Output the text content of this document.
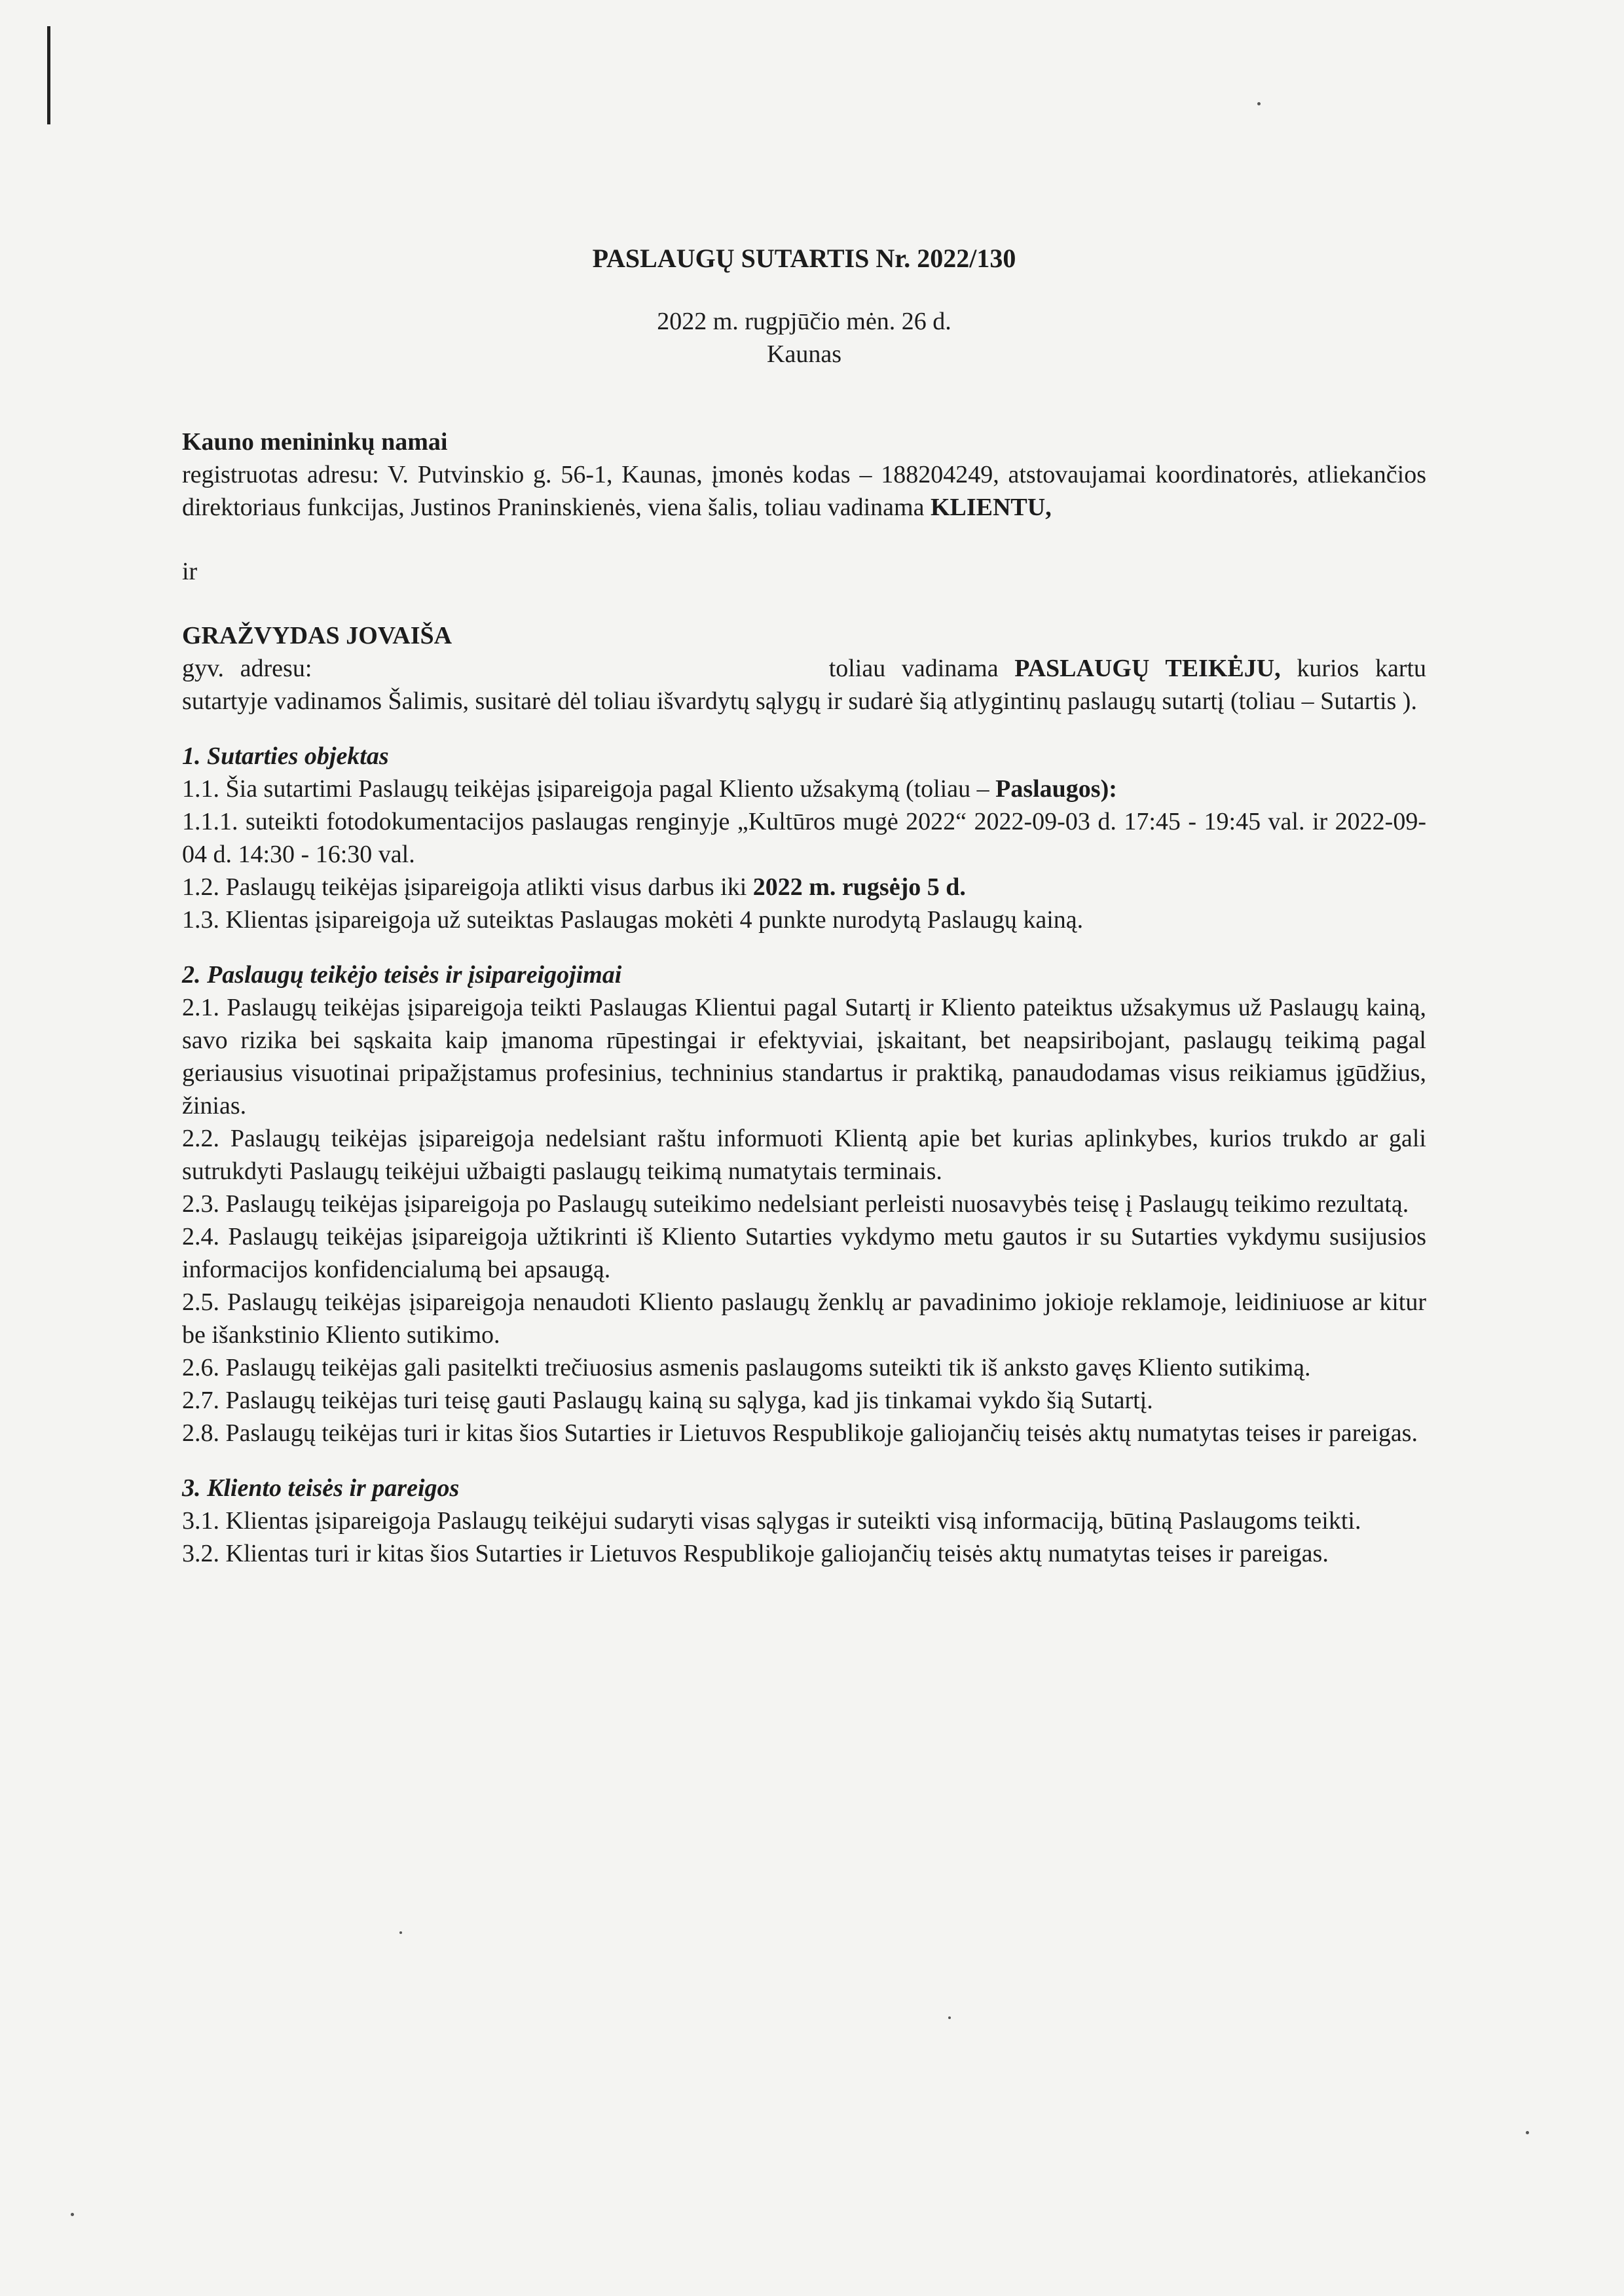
PASLAUGŲ SUTARTIS Nr. 2022/130

2022 m. rugpjūčio mėn. 26 d.

Kaunas

Kauno menininkų namai

registruotas adresu: V. Putvinskio g. 56-1, Kaunas, įmonės kodas – 188204249, atstovaujamai koordinatorės, atliekančios direktoriaus funkcijas, Justinos Praninskienės, viena šalis, toliau vadinama KLIENTU,

ir

GRAŽVYDAS JOVAIŠA

gyv. adresu:	toliau vadinama PASLAUGŲ TEIKĖJU, kurios kartu sutartyje vadinamos Šalimis, susitarė dėl toliau išvardytų sąlygų ir sudarė šią atlygintinų paslaugų sutartį (toliau – Sutartis ).

1. Sutarties objektas

1.1. Šia sutartimi Paslaugų teikėjas įsipareigoja pagal Kliento užsakymą (toliau – Paslaugos):

1.1.1. suteikti fotodokumentacijos paslaugas renginyje „Kultūros mugė 2022“ 2022-09-03 d. 17:45 - 19:45 val. ir 2022-09-04 d. 14:30 - 16:30 val.

1.2. Paslaugų teikėjas įsipareigoja atlikti visus darbus iki 2022 m. rugsėjo 5 d.

1.3. Klientas įsipareigoja už suteiktas Paslaugas mokėti 4 punkte nurodytą Paslaugų kainą.

2. Paslaugų teikėjo teisės ir įsipareigojimai

2.1. Paslaugų teikėjas įsipareigoja teikti Paslaugas Klientui pagal Sutartį ir Kliento pateiktus užsakymus už Paslaugų kainą, savo rizika bei sąskaita kaip įmanoma rūpestingai ir efektyviai, įskaitant, bet neapsiribojant, paslaugų teikimą pagal geriausius visuotinai pripažįstamus profesinius, techninius standartus ir praktiką, panaudodamas visus reikiamus įgūdžius, žinias.

2.2. Paslaugų teikėjas įsipareigoja nedelsiant raštu informuoti Klientą apie bet kurias aplinkybes, kurios trukdo ar gali sutrukdyti Paslaugų teikėjui užbaigti paslaugų teikimą numatytais terminais.

2.3. Paslaugų teikėjas įsipareigoja po Paslaugų suteikimo nedelsiant perleisti nuosavybės teisę į Paslaugų teikimo rezultatą.

2.4. Paslaugų teikėjas įsipareigoja užtikrinti iš Kliento Sutarties vykdymo metu gautos ir su Sutarties vykdymu susijusios informacijos konfidencialumą bei apsaugą.

2.5. Paslaugų teikėjas įsipareigoja nenaudoti Kliento paslaugų ženklų ar pavadinimo jokioje reklamoje, leidiniuose ar kitur be išankstinio Kliento sutikimo.

2.6. Paslaugų teikėjas gali pasitelkti trečiuosius asmenis paslaugoms suteikti tik iš anksto gavęs Kliento sutikimą.

2.7. Paslaugų teikėjas turi teisę gauti Paslaugų kainą su sąlyga, kad jis tinkamai vykdo šią Sutartį.

2.8. Paslaugų teikėjas turi ir kitas šios Sutarties ir Lietuvos Respublikoje galiojančių teisės aktų numatytas teises ir pareigas.

3. Kliento teisės ir pareigos

3.1. Klientas įsipareigoja Paslaugų teikėjui sudaryti visas sąlygas ir suteikti visą informaciją, būtiną Paslaugoms teikti.

3.2. Klientas turi ir kitas šios Sutarties ir Lietuvos Respublikoje galiojančių teisės aktų numatytas teises ir pareigas.
